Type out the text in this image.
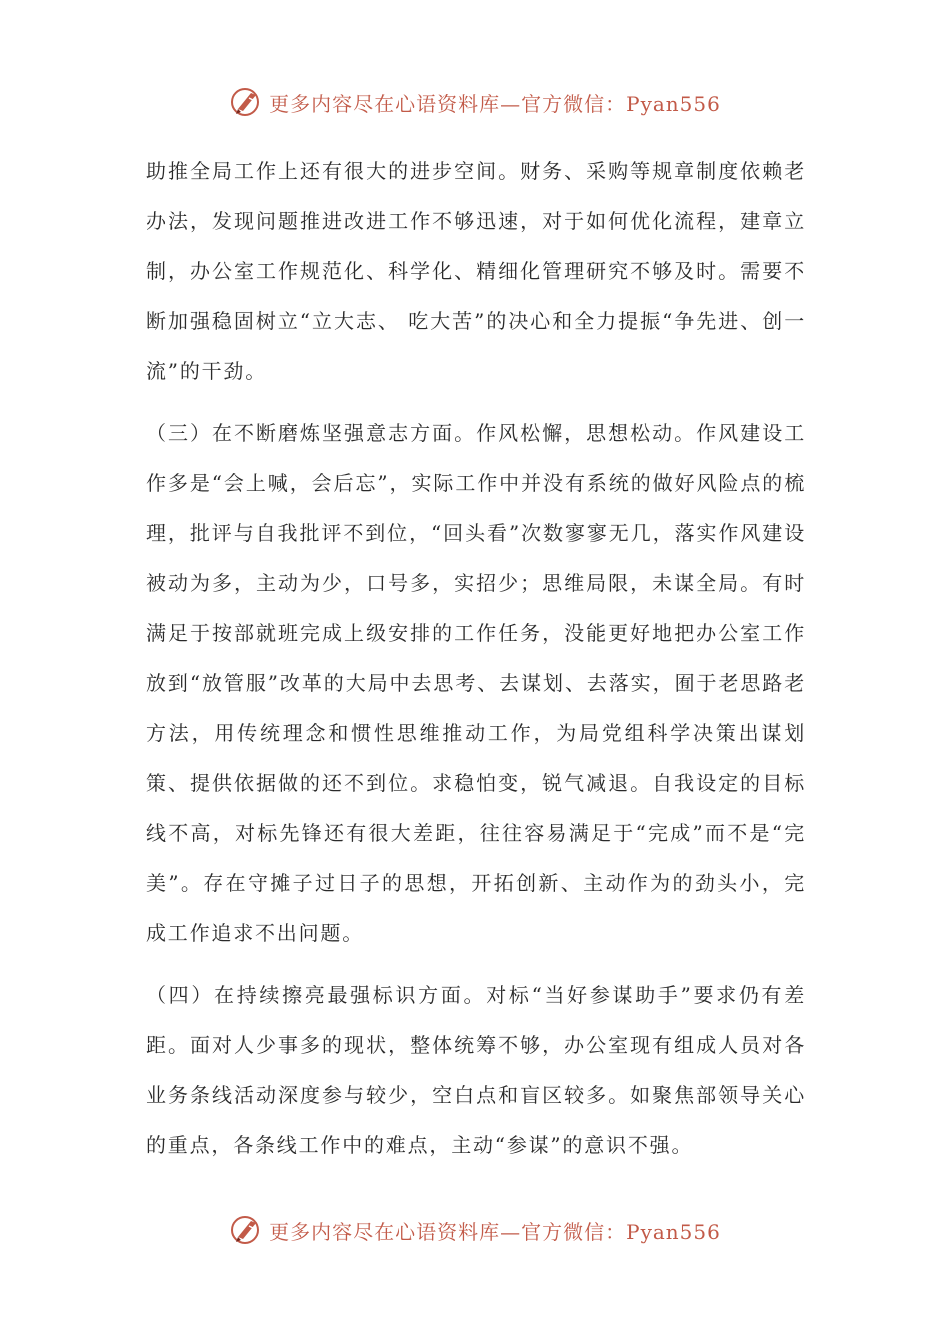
更多内容尽在心语资料库—官方微信：Pyan556

助推全局工作上还有很大的进步空间。财务、采购等规章制度依赖老办法，发现问题推进改进工作不够迅速，对于如何优化流程，建章立制，办公室工作规范化、科学化、精细化管理研究不够及时。需要不断加强稳固树立“立大志、 吃大苦”的决心和全力提振“争先进、创一流”的干劲。

（三）在不断磨炼坚强意志方面。作风松懈，思想松动。作风建设工作多是“会上喊，会后忘”，实际工作中并没有系统的做好风险点的梳理，批评与自我批评不到位，“回头看”次数寥寥无几，落实作风建设被动为多，主动为少，口号多，实招少；思维局限，未谋全局。有时满足于按部就班完成上级安排的工作任务，没能更好地把办公室工作放到“放管服”改革的大局中去思考、去谋划、去落实，囿于老思路老方法，用传统理念和惯性思维推动工作，为局党组科学决策出谋划策、提供依据做的还不到位。求稳怕变，锐气减退。自我设定的目标线不高，对标先锋还有很大差距，往往容易满足于“完成”而不是“完美”。存在守摊子过日子的思想，开拓创新、主动作为的劲头小，完成工作追求不出问题。

（四）在持续擦亮最强标识方面。对标“当好参谋助手”要求仍有差距。面对人少事多的现状，整体统筹不够，办公室现有组成人员对各业务条线活动深度参与较少，空白点和盲区较多。如聚焦部领导关心的重点，各条线工作中的难点，主动“参谋”的意识不强。

更多内容尽在心语资料库—官方微信：Pyan556
